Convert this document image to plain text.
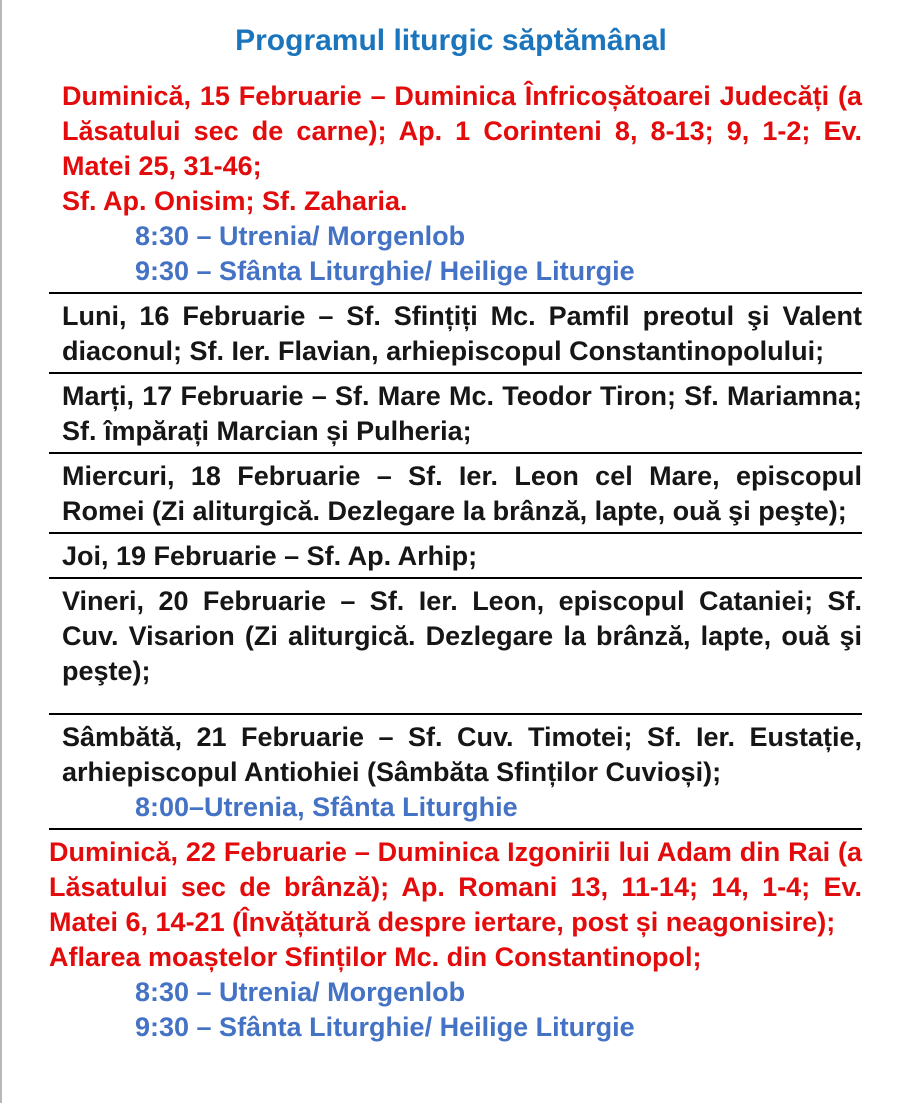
Programul liturgic săptămânal

Duminică, 15 Februarie – Duminica Înfricoșătoarei Judecăți (a Lăsatului sec de carne); Ap. 1 Corinteni 8, 8-13; 9, 1-2; Ev. Matei 25, 31-46;

Sf. Ap. Onisim; Sf. Zaharia.

8:30 – Utrenia/ Morgenlob

9:30 – Sfânta Liturghie/ Heilige Liturgie

Luni, 16 Februarie – Sf. Sfințiți Mc. Pamfil preotul şi Valent diaconul; Sf. Ier. Flavian, arhiepiscopul Constantinopolului;

Marți, 17 Februarie – Sf. Mare Mc. Teodor Tiron; Sf. Mariamna; Sf. împărați Marcian și Pulheria;

Miercuri, 18 Februarie – Sf. Ier. Leon cel Mare, episcopul Romei (Zi aliturgică. Dezlegare la brânză, lapte, ouă şi peşte);

Joi, 19 Februarie – Sf. Ap. Arhip;

Vineri, 20 Februarie – Sf. Ier. Leon, episcopul Cataniei; Sf. Cuv. Visarion (Zi aliturgică. Dezlegare la brânză, lapte, ouă şi peşte);

Sâmbătă, 21 Februarie – Sf. Cuv. Timotei; Sf. Ier. Eustație, arhiepiscopul Antiohiei (Sâmbăta Sfinților Cuvioși);

8:00–Utrenia, Sfânta Liturghie

Duminică, 22 Februarie – Duminica Izgonirii lui Adam din Rai (a Lăsatului sec de brânză); Ap. Romani 13, 11-14; 14, 1-4; Ev. Matei 6, 14-21 (Învățătură despre iertare, post și neagonisire);

Aflarea moaștelor Sfinților Mc. din Constantinopol;

8:30 – Utrenia/ Morgenlob

9:30 – Sfânta Liturghie/ Heilige Liturgie
